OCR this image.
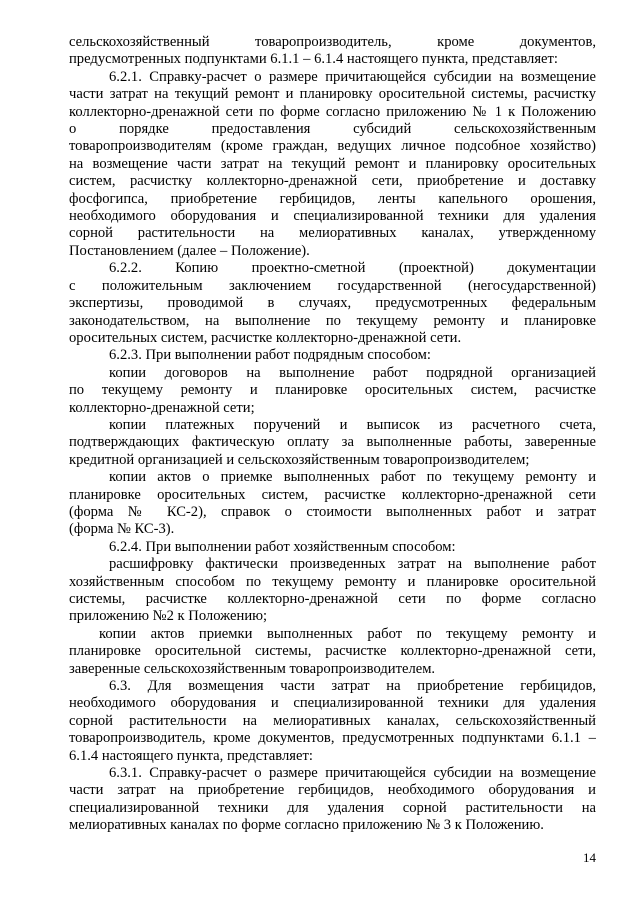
сельскохозяйственный товаропроизводитель, кроме документов,
предусмотренных подпунктами 6.1.1 – 6.1.4 настоящего пункта, представляет:
6.2.1. Справку-расчет о размере причитающейся субсидии на возмещение
части затрат на текущий ремонт и планировку оросительной системы, расчистку
коллекторно-дренажной сети по форме согласно приложению № 1 к Положению
о порядке предоставления субсидий сельскохозяйственным
товаропроизводителям (кроме граждан, ведущих личное подсобное хозяйство)
на возмещение части затрат на текущий ремонт и планировку оросительных
систем, расчистку коллекторно-дренажной сети, приобретение и доставку
фосфогипса, приобретение гербицидов, ленты капельного орошения,
необходимого оборудования и специализированной техники для удаления
сорной растительности на мелиоративных каналах, утвержденному
Постановлением (далее – Положение).
6.2.2. Копию проектно-сметной (проектной) документации
с положительным заключением государственной (негосударственной)
экспертизы, проводимой в случаях, предусмотренных федеральным
законодательством, на выполнение по текущему ремонту и планировке
оросительных систем, расчистке коллекторно-дренажной сети.
6.2.3. При выполнении работ подрядным способом:
копии договоров на выполнение работ подрядной организацией
по текущему ремонту и планировке оросительных систем, расчистке
коллекторно-дренажной сети;
копии платежных поручений и выписок из расчетного счета,
подтверждающих фактическую оплату за выполненные работы, заверенные
кредитной организацией и сельскохозяйственным товаропроизводителем;
копии актов о приемке выполненных работ по текущему ремонту и
планировке оросительных систем, расчистке коллекторно-дренажной сети
(форма № КС-2), справок о стоимости выполненных работ и затрат
(форма № КС-3).
6.2.4. При выполнении работ хозяйственным способом:
расшифровку фактически произведенных затрат на выполнение работ
хозяйственным способом по текущему ремонту и планировке оросительной
системы, расчистке коллекторно-дренажной сети по форме согласно
приложению №2 к Положению;
копии актов приемки выполненных работ по текущему ремонту и
планировке оросительной системы, расчистке коллекторно-дренажной сети,
заверенные сельскохозяйственным товаропроизводителем.
6.3. Для возмещения части затрат на приобретение гербицидов,
необходимого оборудования и специализированной техники для удаления
сорной растительности на мелиоративных каналах, сельскохозяйственный
товаропроизводитель, кроме документов, предусмотренных подпунктами 6.1.1 –
6.1.4 настоящего пункта, представляет:
6.3.1. Справку-расчет о размере причитающейся субсидии на возмещение
части затрат на приобретение гербицидов, необходимого оборудования и
специализированной техники для удаления сорной растительности на
мелиоративных каналах по форме согласно приложению № 3 к Положению.
14
